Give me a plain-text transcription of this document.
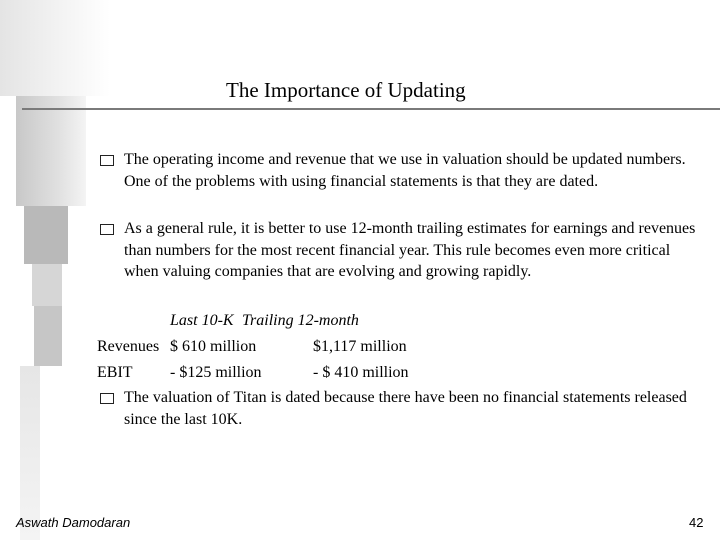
The Importance of Updating

The operating income and revenue that we use in valuation should be updated numbers. One of the problems with using financial statements is that they are dated.

As a general rule, it is better to use 12-month trailing estimates for earnings and revenues than numbers for the most recent financial year. This rule becomes even more critical when valuing companies that are evolving and growing rapidly.

Last 10-K Trailing 12-month
Revenues $ 610 million	$1,117 million
EBIT - $125 million	- $ 410 million

The valuation of Titan is dated because there have been no financial statements released since the last 10K.

Aswath Damodaran	42
